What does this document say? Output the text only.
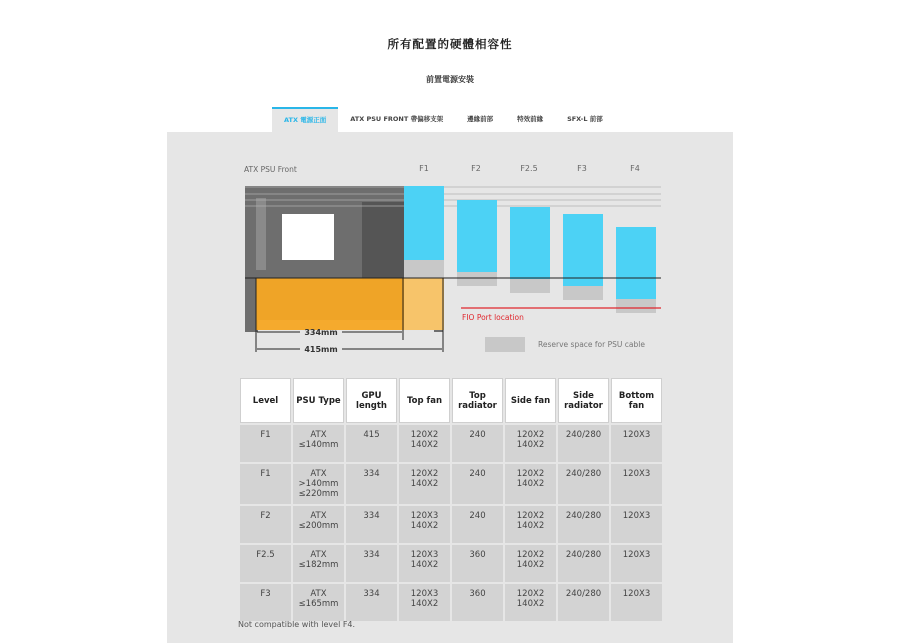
所有配置的硬體相容性
前置電源安裝
ATX 電源正面	ATX PSU FRONT 帶偏移支架	邊緣前部	特效前緣	SFX-L 前部
ATX PSU Front	F1	F2	F2.5	F3	F4
FIO Port location
334mm
415mm
Reserve space for PSU cable
Level	PSU Type	GPU length	Top fan	Top radiator	Side fan	Side radiator	Bottom fan
F1	ATX ≤140mm	415	120X2 140X2	240	120X2 140X2	240/280	120X3
F1	ATX >140mm ≤220mm	334	120X2 140X2	240	120X2 140X2	240/280	120X3
F2	ATX ≤200mm	334	120X3 140X2	240	120X2 140X2	240/280	120X3
F2.5	ATX ≤182mm	334	120X3 140X2	360	120X2 140X2	240/280	120X3
F3	ATX ≤165mm	334	120X3 140X2	360	120X2 140X2	240/280	120X3
Not compatible with level F4.
